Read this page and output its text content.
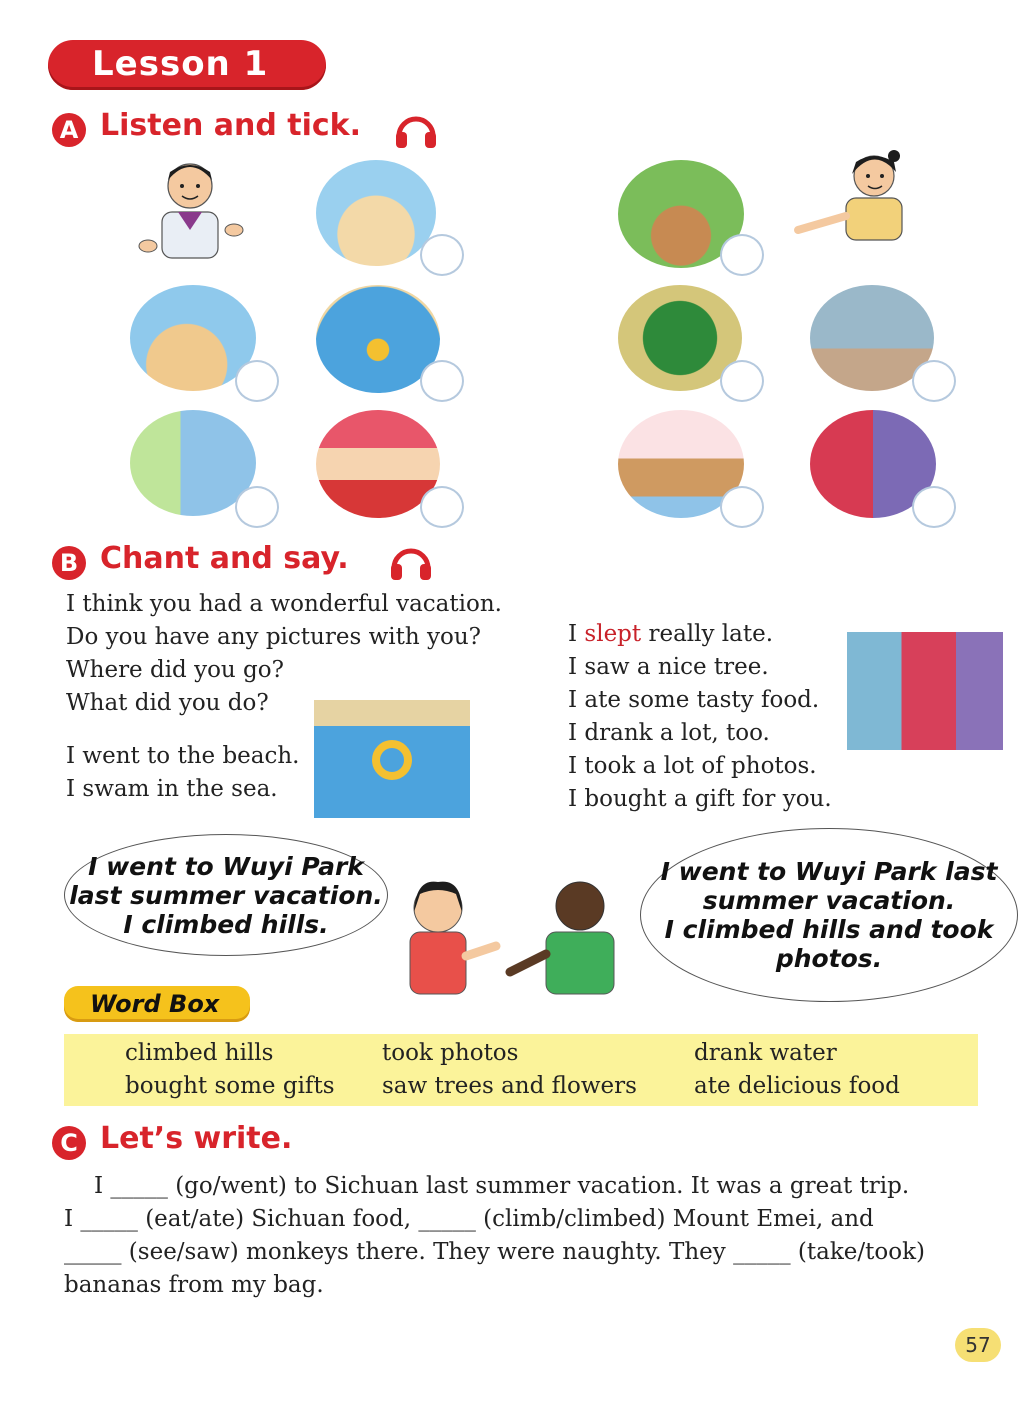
Lesson 1
A Listen and tick.
B Chant and say.
I think you had a wonderful vacation.
Do you have any pictures with you?
Where did you go?
What did you do?
I went to the beach.
I swam in the sea.
I slept really late.
I saw a nice tree.
I ate some tasty food.
I drank a lot, too.
I took a lot of photos.
I bought a gift for you.
I went to Wuyi Park
last summer vacation.
I climbed hills.
I went to Wuyi Park last
summer vacation.
I climbed hills and took
photos.
Word Box
climbed hills	took photos	drank water
bought some gifts saw trees and flowers ate delicious food
C Let’s write.
I _____ (go/went) to Sichuan last summer vacation. It was a great trip.
I _____ (eat/ate) Sichuan food, _____ (climb/climbed) Mount Emei, and
_____ (see/saw) monkeys there. They were naughty. They _____ (take/took)
bananas from my bag.
57
